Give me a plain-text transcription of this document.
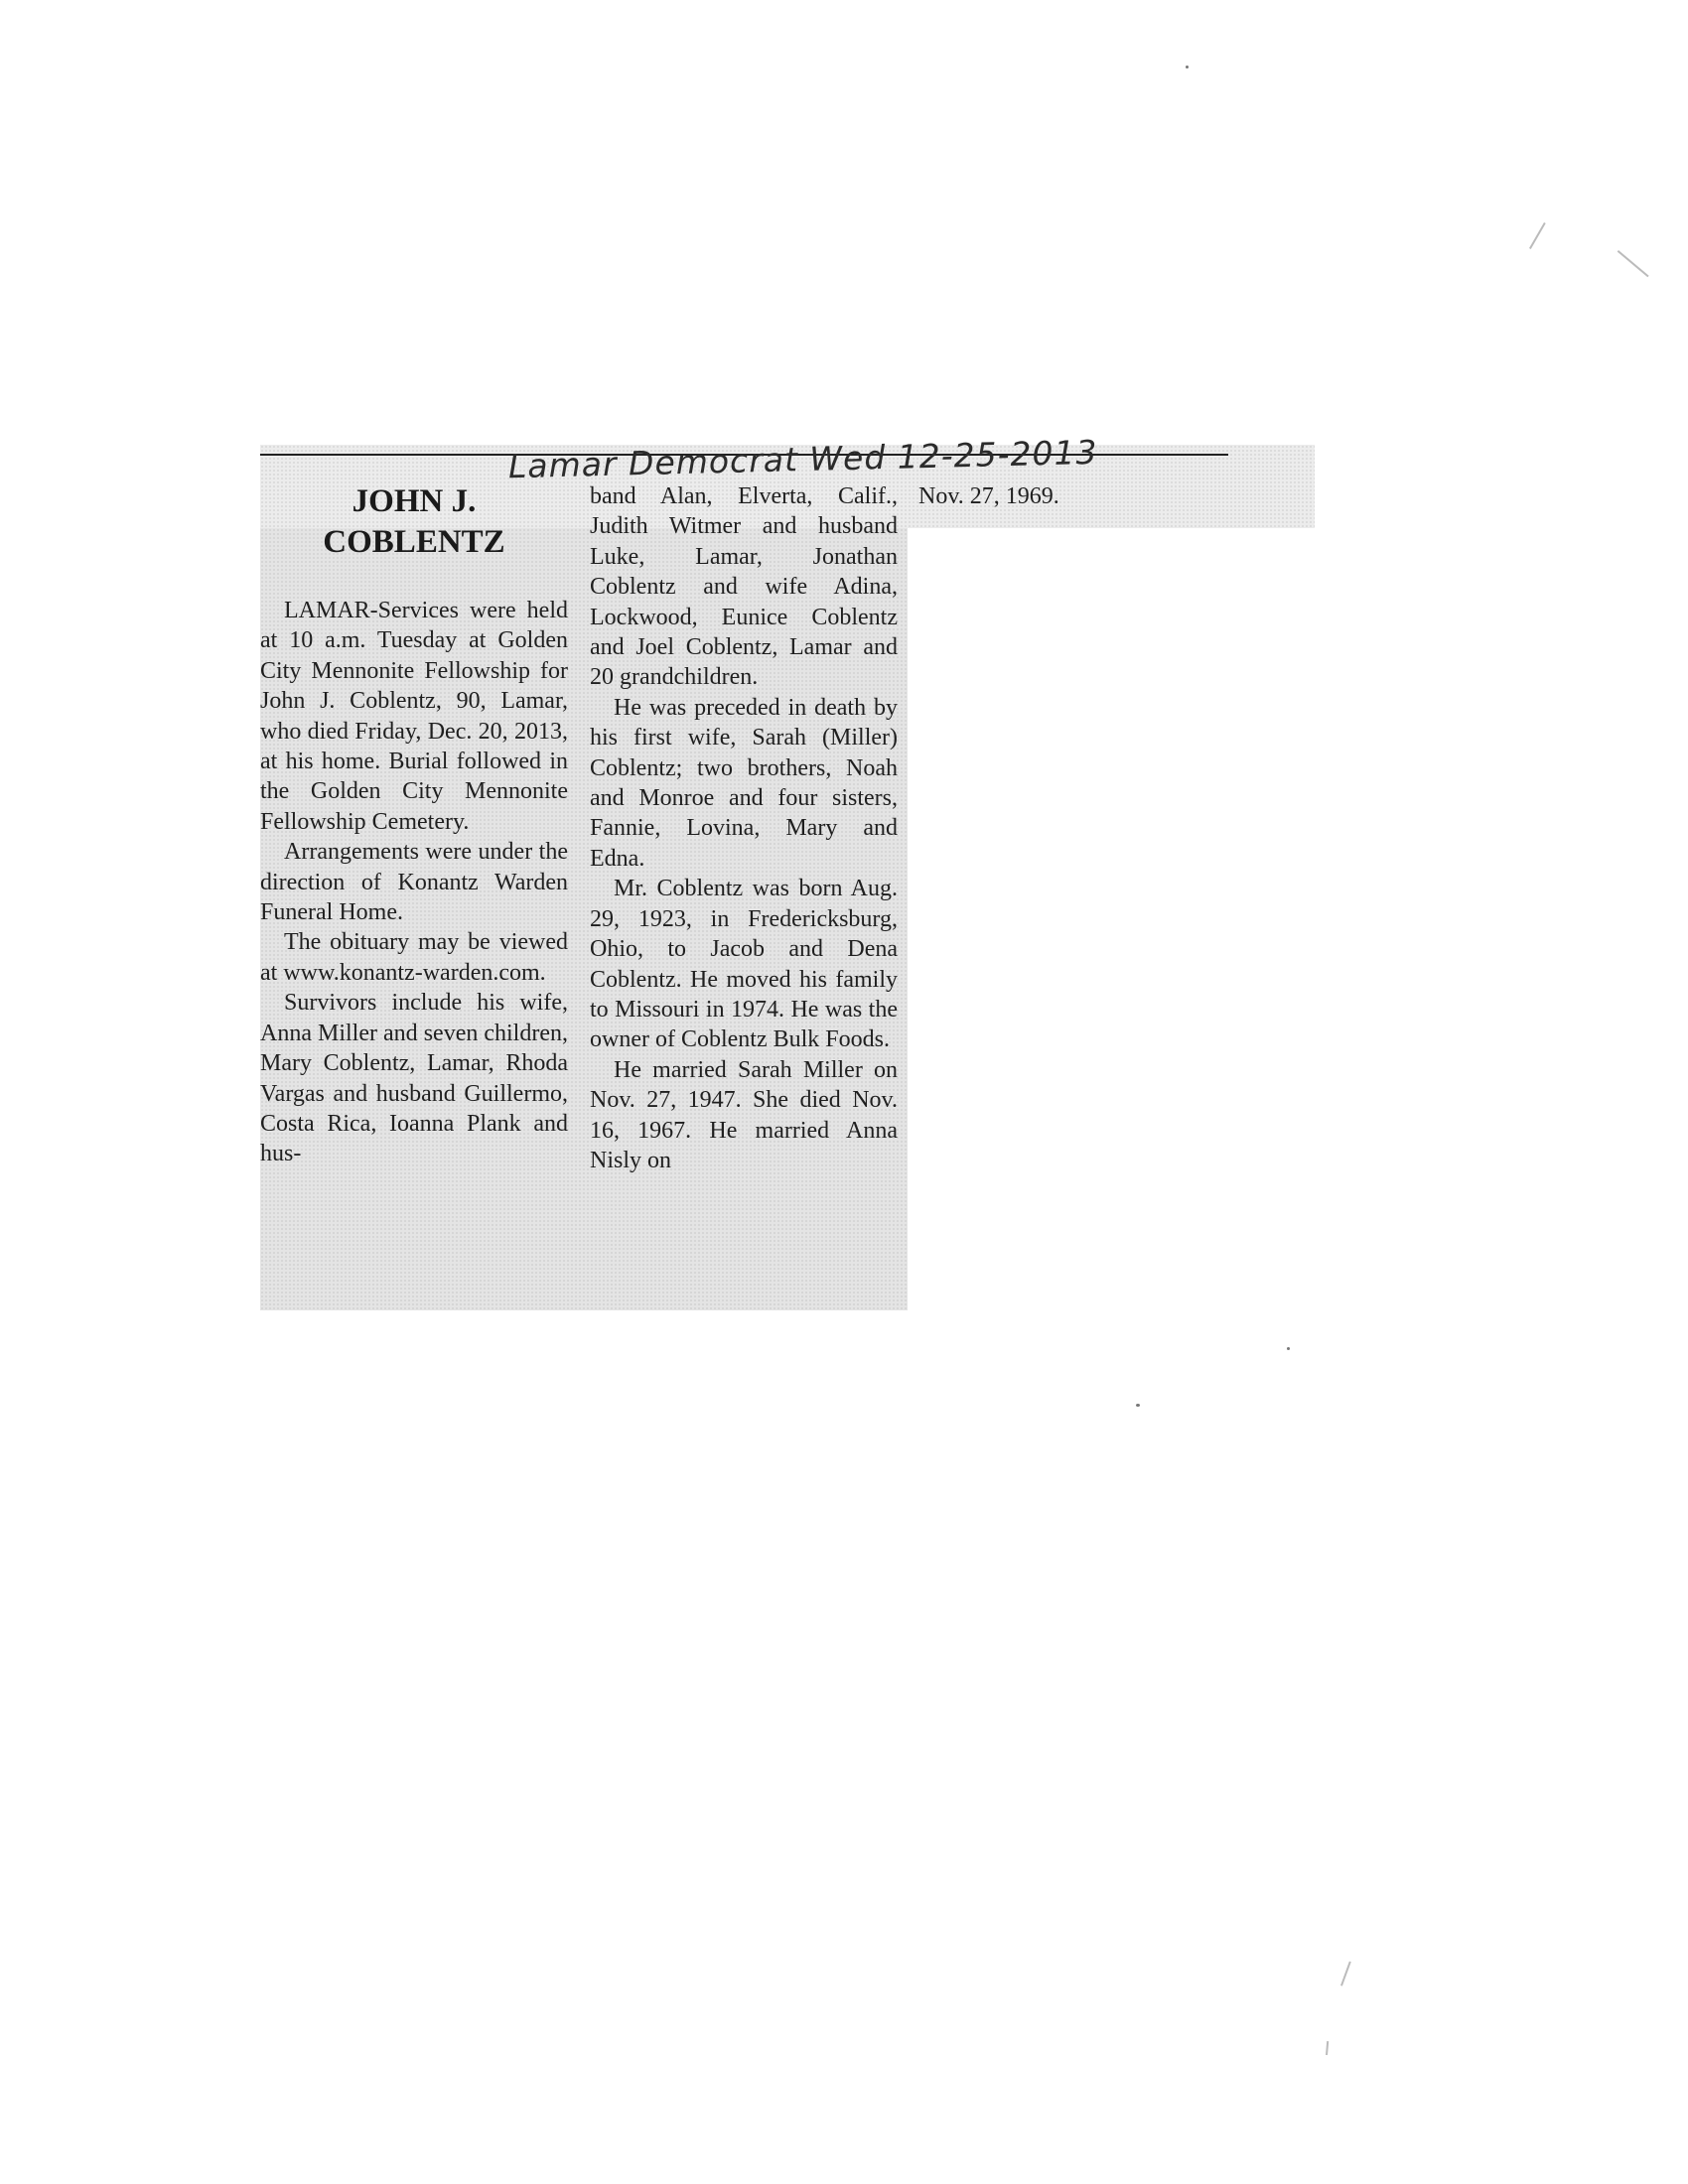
Lamar Democrat Wed 12-25-2013
JOHN J. COBLENTZ

LAMAR-Services were held at 10 a.m. Tuesday at Golden City Mennonite Fellowship for John J. Coblentz, 90, Lamar, who died Friday, Dec. 20, 2013, at his home. Burial followed in the Golden City Mennonite Fellowship Cemetery.

Arrangements were under the direction of Konantz Warden Funeral Home.

The obituary may be viewed at www.konantz-warden.com.

Survivors include his wife, Anna Miller and seven children, Mary Coblentz, Lamar, Rhoda Vargas and husband Guillermo, Costa Rica, Ioanna Plank and hus-

band Alan, Elverta, Calif., Judith Witmer and husband Luke, Lamar, Jonathan Coblentz and wife Adina, Lockwood, Eunice Coblentz and Joel Coblentz, Lamar and 20 grandchildren.

He was preceded in death by his first wife, Sarah (Miller) Coblentz; two brothers, Noah and Monroe and four sisters, Fannie, Lovina, Mary and Edna.

Mr. Coblentz was born Aug. 29, 1923, in Fredericksburg, Ohio, to Jacob and Dena Coblentz. He moved his family to Missouri in 1974. He was the owner of Coblentz Bulk Foods.

He married Sarah Miller on Nov. 27, 1947. She died Nov. 16, 1967. He married Anna Nisly on

Nov. 27, 1969.
